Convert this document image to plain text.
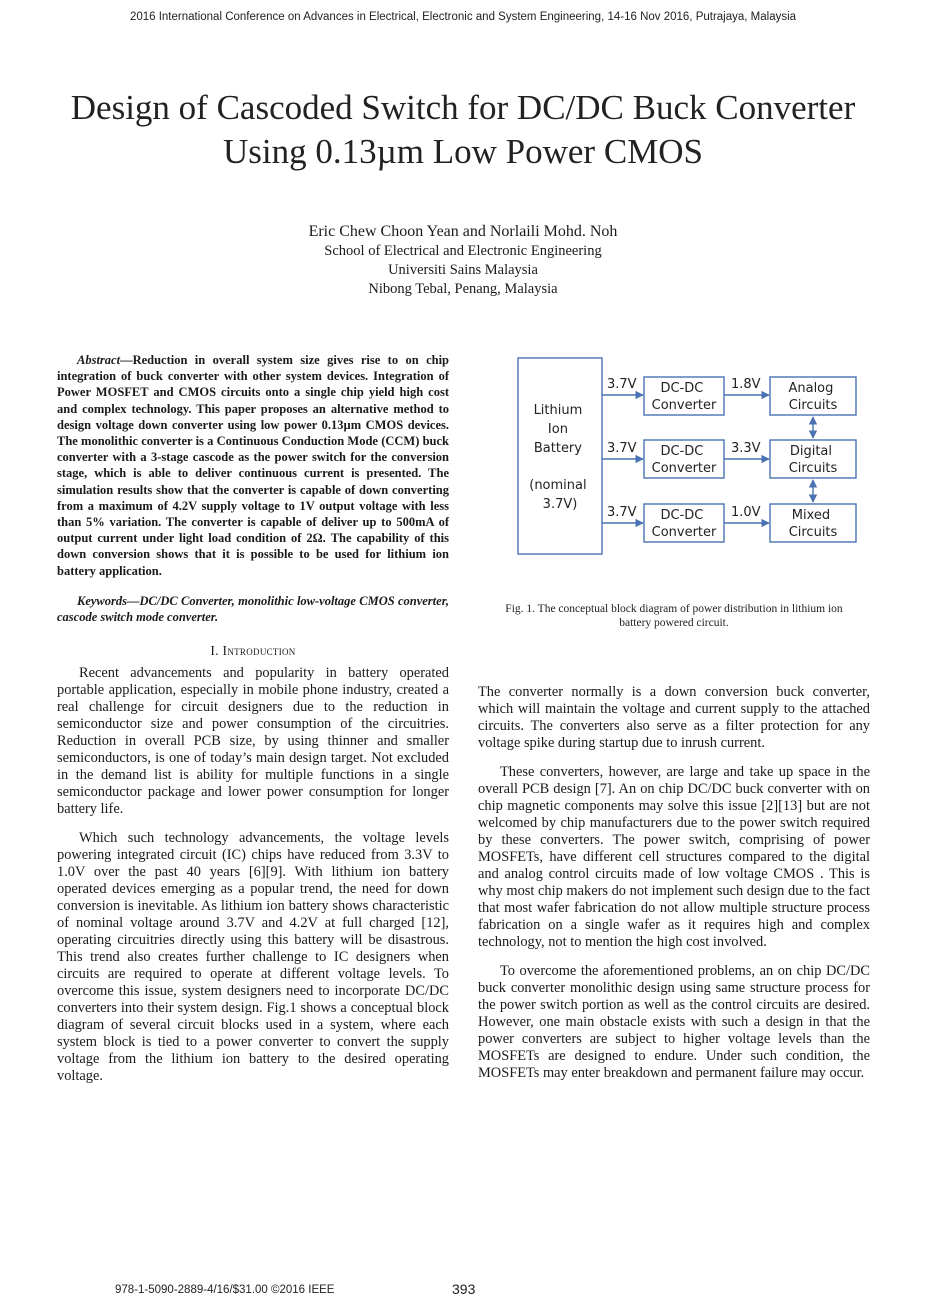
2016 International Conference on Advances in Electrical, Electronic and System Engineering, 14-16 Nov 2016, Putrajaya, Malaysia
Design of Cascoded Switch for DC/DC Buck Converter Using 0.13µm Low Power CMOS
Eric Chew Choon Yean and Norlaili Mohd. Noh
School of Electrical and Electronic Engineering
Universiti Sains Malaysia
Nibong Tebal, Penang, Malaysia

Abstract—Reduction in overall system size gives rise to on chip integration of buck converter with other system devices. Integration of Power MOSFET and CMOS circuits onto a single chip yield high cost and complex technology. This paper proposes an alternative method to design voltage down converter using low power 0.13µm CMOS devices. The monolithic converter is a Continuous Conduction Mode (CCM) buck converter with a 3-stage cascode as the power switch for the conversion stage, which is able to deliver continuous current is presented. The simulation results show that the converter is capable of down converting from a maximum of 4.2V supply voltage to 1V output voltage with less than 5% variation. The converter is capable of deliver up to 500mA of output current under light load condition of 2Ω. The capability of this down conversion shows that it is possible to be used for lithium ion battery application.

Keywords—DC/DC Converter, monolithic low-voltage CMOS converter, cascode switch mode converter.

I. Introduction

Recent advancements and popularity in battery operated portable application, especially in mobile phone industry, created a real challenge for circuit designers due to the reduction in semiconductor size and power consumption of the circuitries. Reduction in overall PCB size, by using thinner and smaller semiconductors, is one of today’s main design target. Not excluded in the demand list is ability for multiple functions in a single semiconductor package and lower power consumption for longer battery life.

Which such technology advancements, the voltage levels powering integrated circuit (IC) chips have reduced from 3.3V to 1.0V over the past 40 years [6][9]. With lithium ion battery operated devices emerging as a popular trend, the need for down conversion is inevitable. As lithium ion battery shows characteristic of nominal voltage around 3.7V and 4.2V at full charged [12], operating circuitries directly using this battery will be disastrous. This trend also creates further challenge to IC designers when circuits are required to operate at different voltage levels. To overcome this issue, system designers need to incorporate DC/DC converters into their system design. Fig.1 shows a conceptual block diagram of several circuit blocks used in a system, where each system block is tied to a power converter to convert the supply voltage from the lithium ion battery to the desired operating voltage.

Lithium Ion Battery (nominal 3.7V)
3.7V	DC-DC Converter
1.8V Analog Circuits
3.7V	DC-DC Converter
3.3V Digital Circuits
3.7V	DC-DC Converter
1.0V Mixed Circuits

Fig. 1. The conceptual block diagram of power distribution in lithium ion battery powered circuit.

The converter normally is a down conversion buck converter, which will maintain the voltage and current supply to the attached circuits. The converters also serve as a filter protection for any voltage spike during startup due to inrush current.

These converters, however, are large and take up space in the overall PCB design [7]. An on chip DC/DC buck converter with on chip magnetic components may solve this issue [2][13] but are not welcomed by chip manufacturers due to the power switch required by these converters. The power switch, comprising of power MOSFETs, have different cell structures compared to the digital and analog control circuits made of low voltage CMOS . This is why most chip makers do not implement such design due to the fact that most wafer fabrication do not allow multiple structure process fabrication on a single wafer as it requires high and complex technology, not to mention the high cost involved.

To overcome the aforementioned problems, an on chip DC/DC buck converter monolithic design using same structure process for the power switch portion as well as the control circuits are desired. However, one main obstacle exists with such a design in that the power converters are subject to higher voltage levels than the MOSFETs are designed to endure. Under such condition, the MOSFETs may enter breakdown and permanent failure may occur.

978-1-5090-2889-4/16/$31.00 ©2016 IEEE	393
